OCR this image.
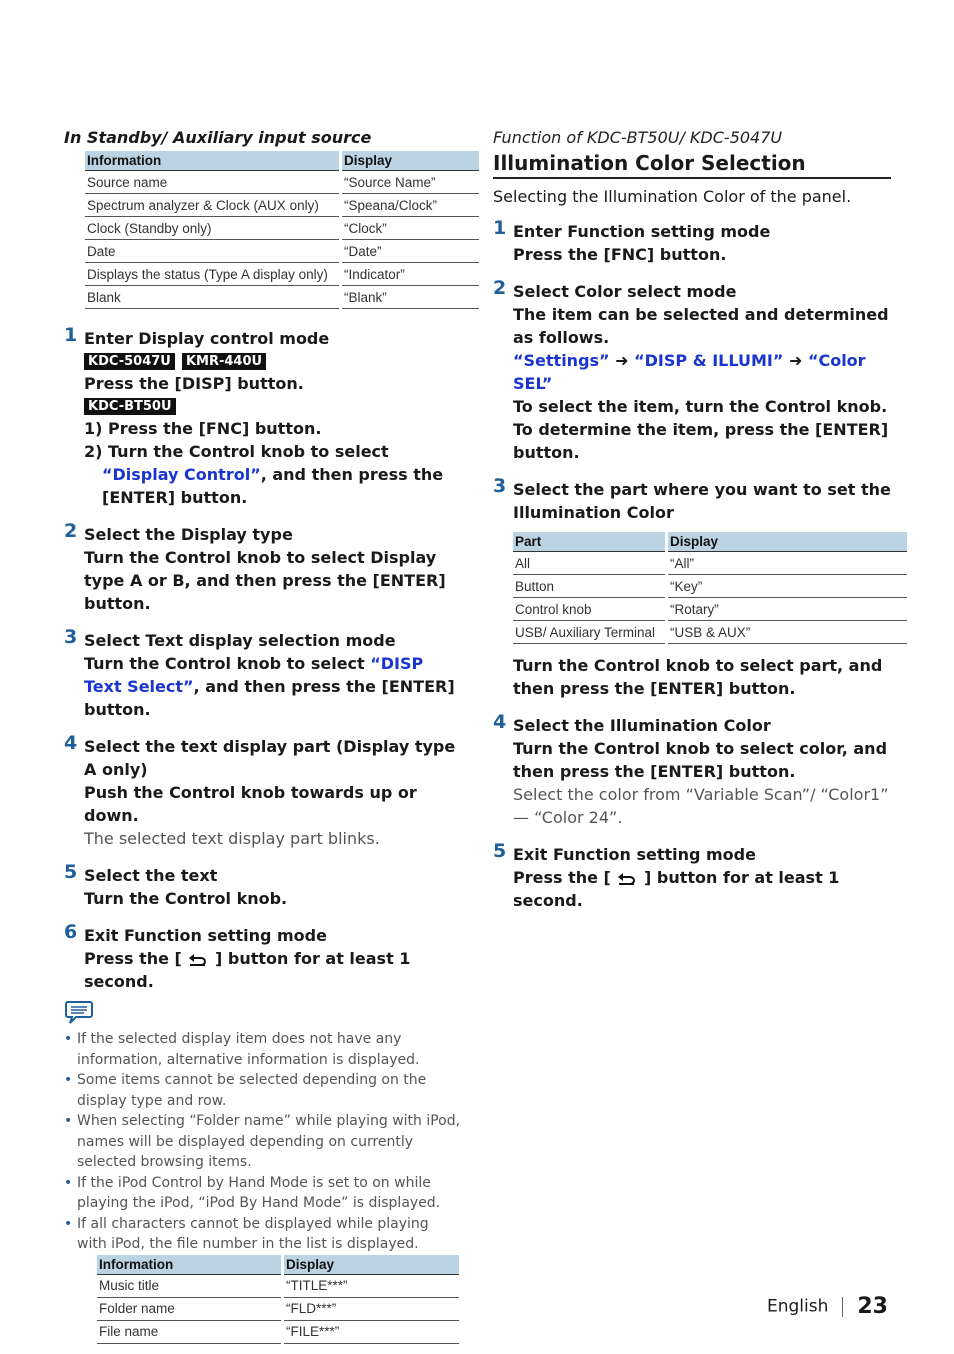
In Standby/ Auxiliary input source
Information	Display
Source name	“Source Name”
Spectrum analyzer & Clock (AUX only)	“Speana/Clock”
Clock (Standby only)	“Clock”
Date	“Date”
Displays the status (Type A display only)	“Indicator”
Blank	“Blank”
1 Enter Display control mode
KDC-5047U KMR-440U
Press the [DISP] button.
KDC-BT50U
1) Press the [FNC] button.
2) Turn the Control knob to select “Display Control”, and then press the [ENTER] button.
2 Select the Display type
Turn the Control knob to select Display type A or B, and then press the [ENTER] button.
3 Select Text display selection mode
Turn the Control knob to select “DISP Text Select”, and then press the [ENTER] button.
4 Select the text display part (Display type A only)
Push the Control knob towards up or down.
The selected text display part blinks.
5 Select the text
Turn the Control knob.
6 Exit Function setting mode
Press the [  ] button for at least 1 second.
• If the selected display item does not have any information, alternative information is displayed.
• Some items cannot be selected depending on the display type and row.
• When selecting “Folder name” while playing with iPod, names will be displayed depending on currently selected browsing items.
• If the iPod Control by Hand Mode is set to on while playing the iPod, “iPod By Hand Mode” is displayed.
• If all characters cannot be displayed while playing with iPod, the file number in the list is displayed.
Information	Display
Music title	“TITLE***”
Folder name	“FLD***”
File name	“FILE***”
Function of KDC-BT50U/ KDC-5047U
Illumination Color Selection
Selecting the Illumination Color of the panel.
1 Enter Function setting mode
Press the [FNC] button.
2 Select Color select mode
The item can be selected and determined as follows.
“Settings” ➜ “DISP & ILLUMI” ➜ “Color SEL”
To select the item, turn the Control knob. To determine the item, press the [ENTER] button.
3 Select the part where you want to set the Illumination Color
Part	Display
All	“All”
Button	“Key”
Control knob	“Rotary”
USB/ Auxiliary Terminal	“USB & AUX”
Turn the Control knob to select part, and then press the [ENTER] button.
4 Select the Illumination Color
Turn the Control knob to select color, and then press the [ENTER] button.
Select the color from “Variable Scan”/ “Color1” — “Color 24”.
5 Exit Function setting mode
Press the [  ] button for at least 1 second.
English 23
